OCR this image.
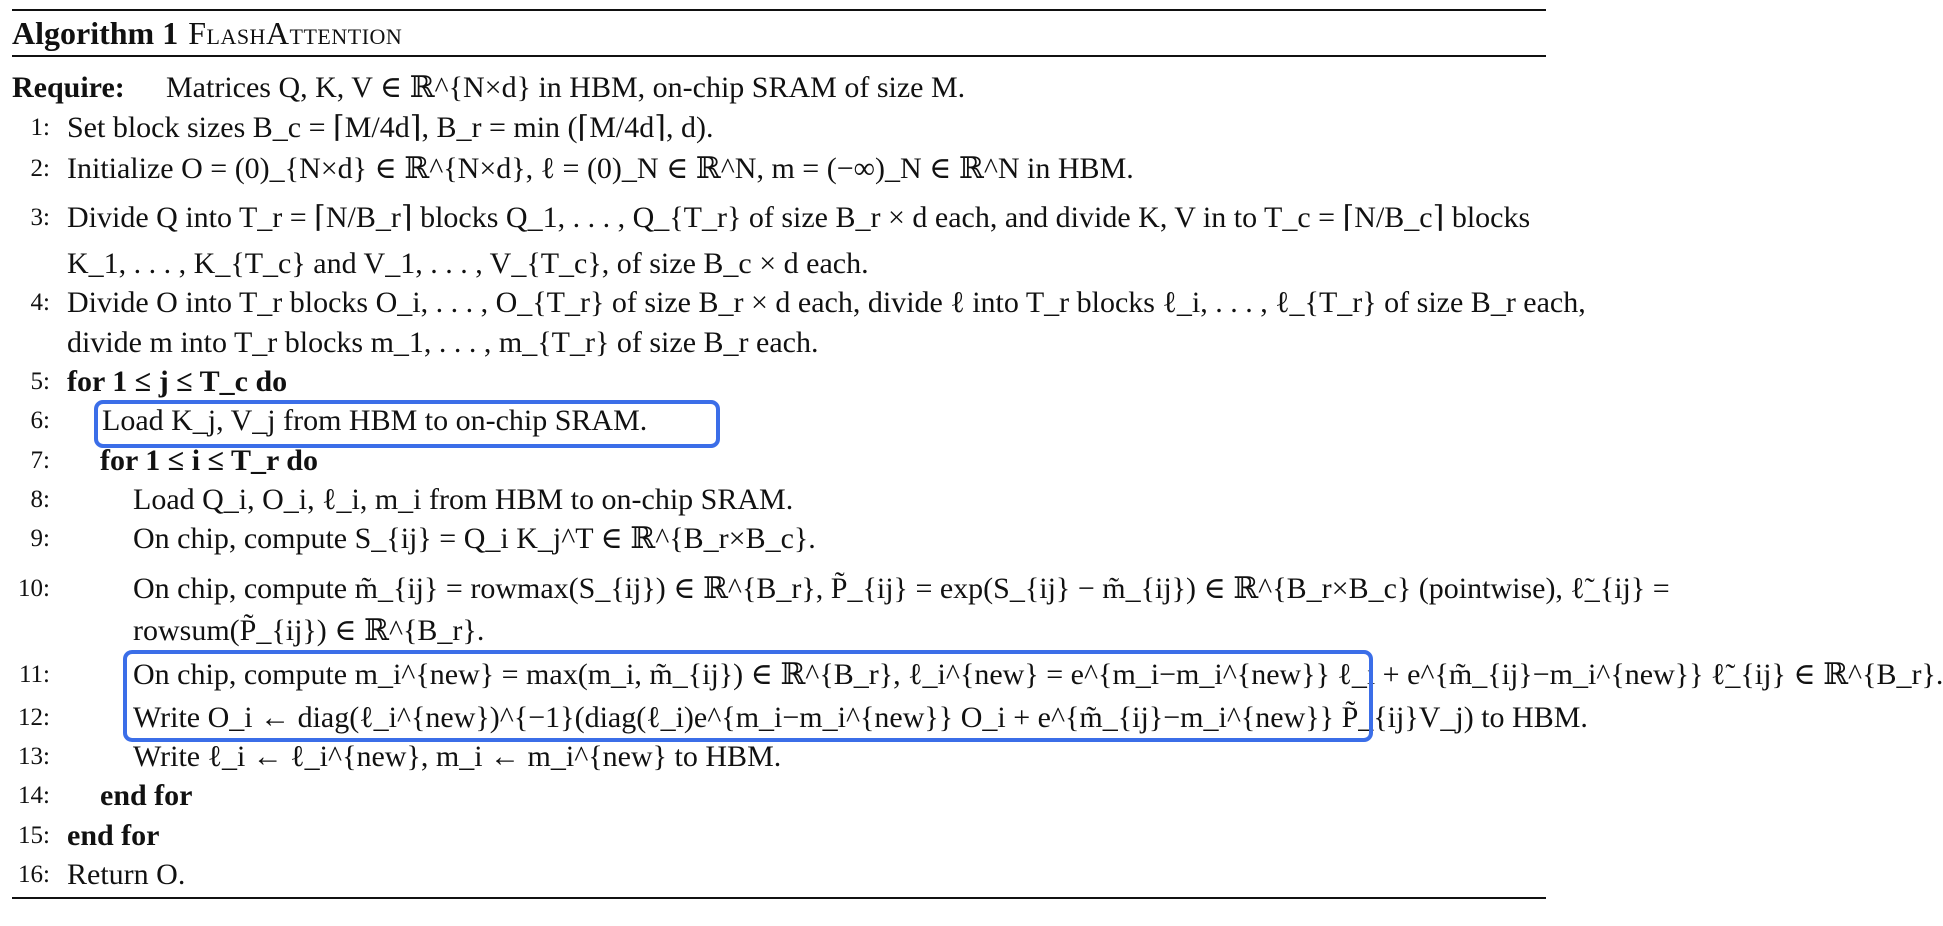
Algorithm 1 FlashAttention
Require: Matrices Q, K, V ∈ ℝ^{N×d} in HBM, on-chip SRAM of size M.
1: Set block sizes B_c = ⌈M/4d⌉, B_r = min (⌈M/4d⌉, d).
2: Initialize O = (0)_{N×d} ∈ ℝ^{N×d}, ℓ = (0)_N ∈ ℝ^N, m = (−∞)_N ∈ ℝ^N in HBM.
3: Divide Q into T_r = ⌈N/B_r⌉ blocks Q_1, . . . , Q_{T_r} of size B_r × d each, and divide K, V in to T_c = ⌈N/B_c⌉ blocks
K_1, . . . , K_{T_c} and V_1, . . . , V_{T_c}, of size B_c × d each.
4: Divide O into T_r blocks O_i, . . . , O_{T_r} of size B_r × d each, divide ℓ into T_r blocks ℓ_i, . . . , ℓ_{T_r} of size B_r each,
divide m into T_r blocks m_1, . . . , m_{T_r} of size B_r each.
5: for 1 ≤ j ≤ T_c do
6: Load K_j, V_j from HBM to on-chip SRAM.
7: for 1 ≤ i ≤ T_r do
8:	Load Q_i, O_i, ℓ_i, m_i from HBM to on-chip SRAM.
9:	On chip, compute S_{ij} = Q_i K_j^T ∈ ℝ^{B_r×B_c}.
10:	On chip, compute m̃_{ij} = rowmax(S_{ij}) ∈ ℝ^{B_r}, P̃_{ij} = exp(S_{ij} − m̃_{ij}) ∈ ℝ^{B_r×B_c} (pointwise), ℓ̃_{ij} =
rowsum(P̃_{ij}) ∈ ℝ^{B_r}.
11:	On chip, compute m_i^{new} = max(m_i, m̃_{ij}) ∈ ℝ^{B_r}, ℓ_i^{new} = e^{m_i−m_i^{new}} ℓ_i + e^{m̃_{ij}−m_i^{new}} ℓ̃_{ij} ∈ ℝ^{B_r}.
12:	Write O_i ← diag(ℓ_i^{new})^{−1}(diag(ℓ_i)e^{m_i−m_i^{new}} O_i + e^{m̃_{ij}−m_i^{new}} P̃_{ij}V_j) to HBM.
13:	Write ℓ_i ← ℓ_i^{new}, m_i ← m_i^{new} to HBM.
14: end for
15: end for
16: Return O.
